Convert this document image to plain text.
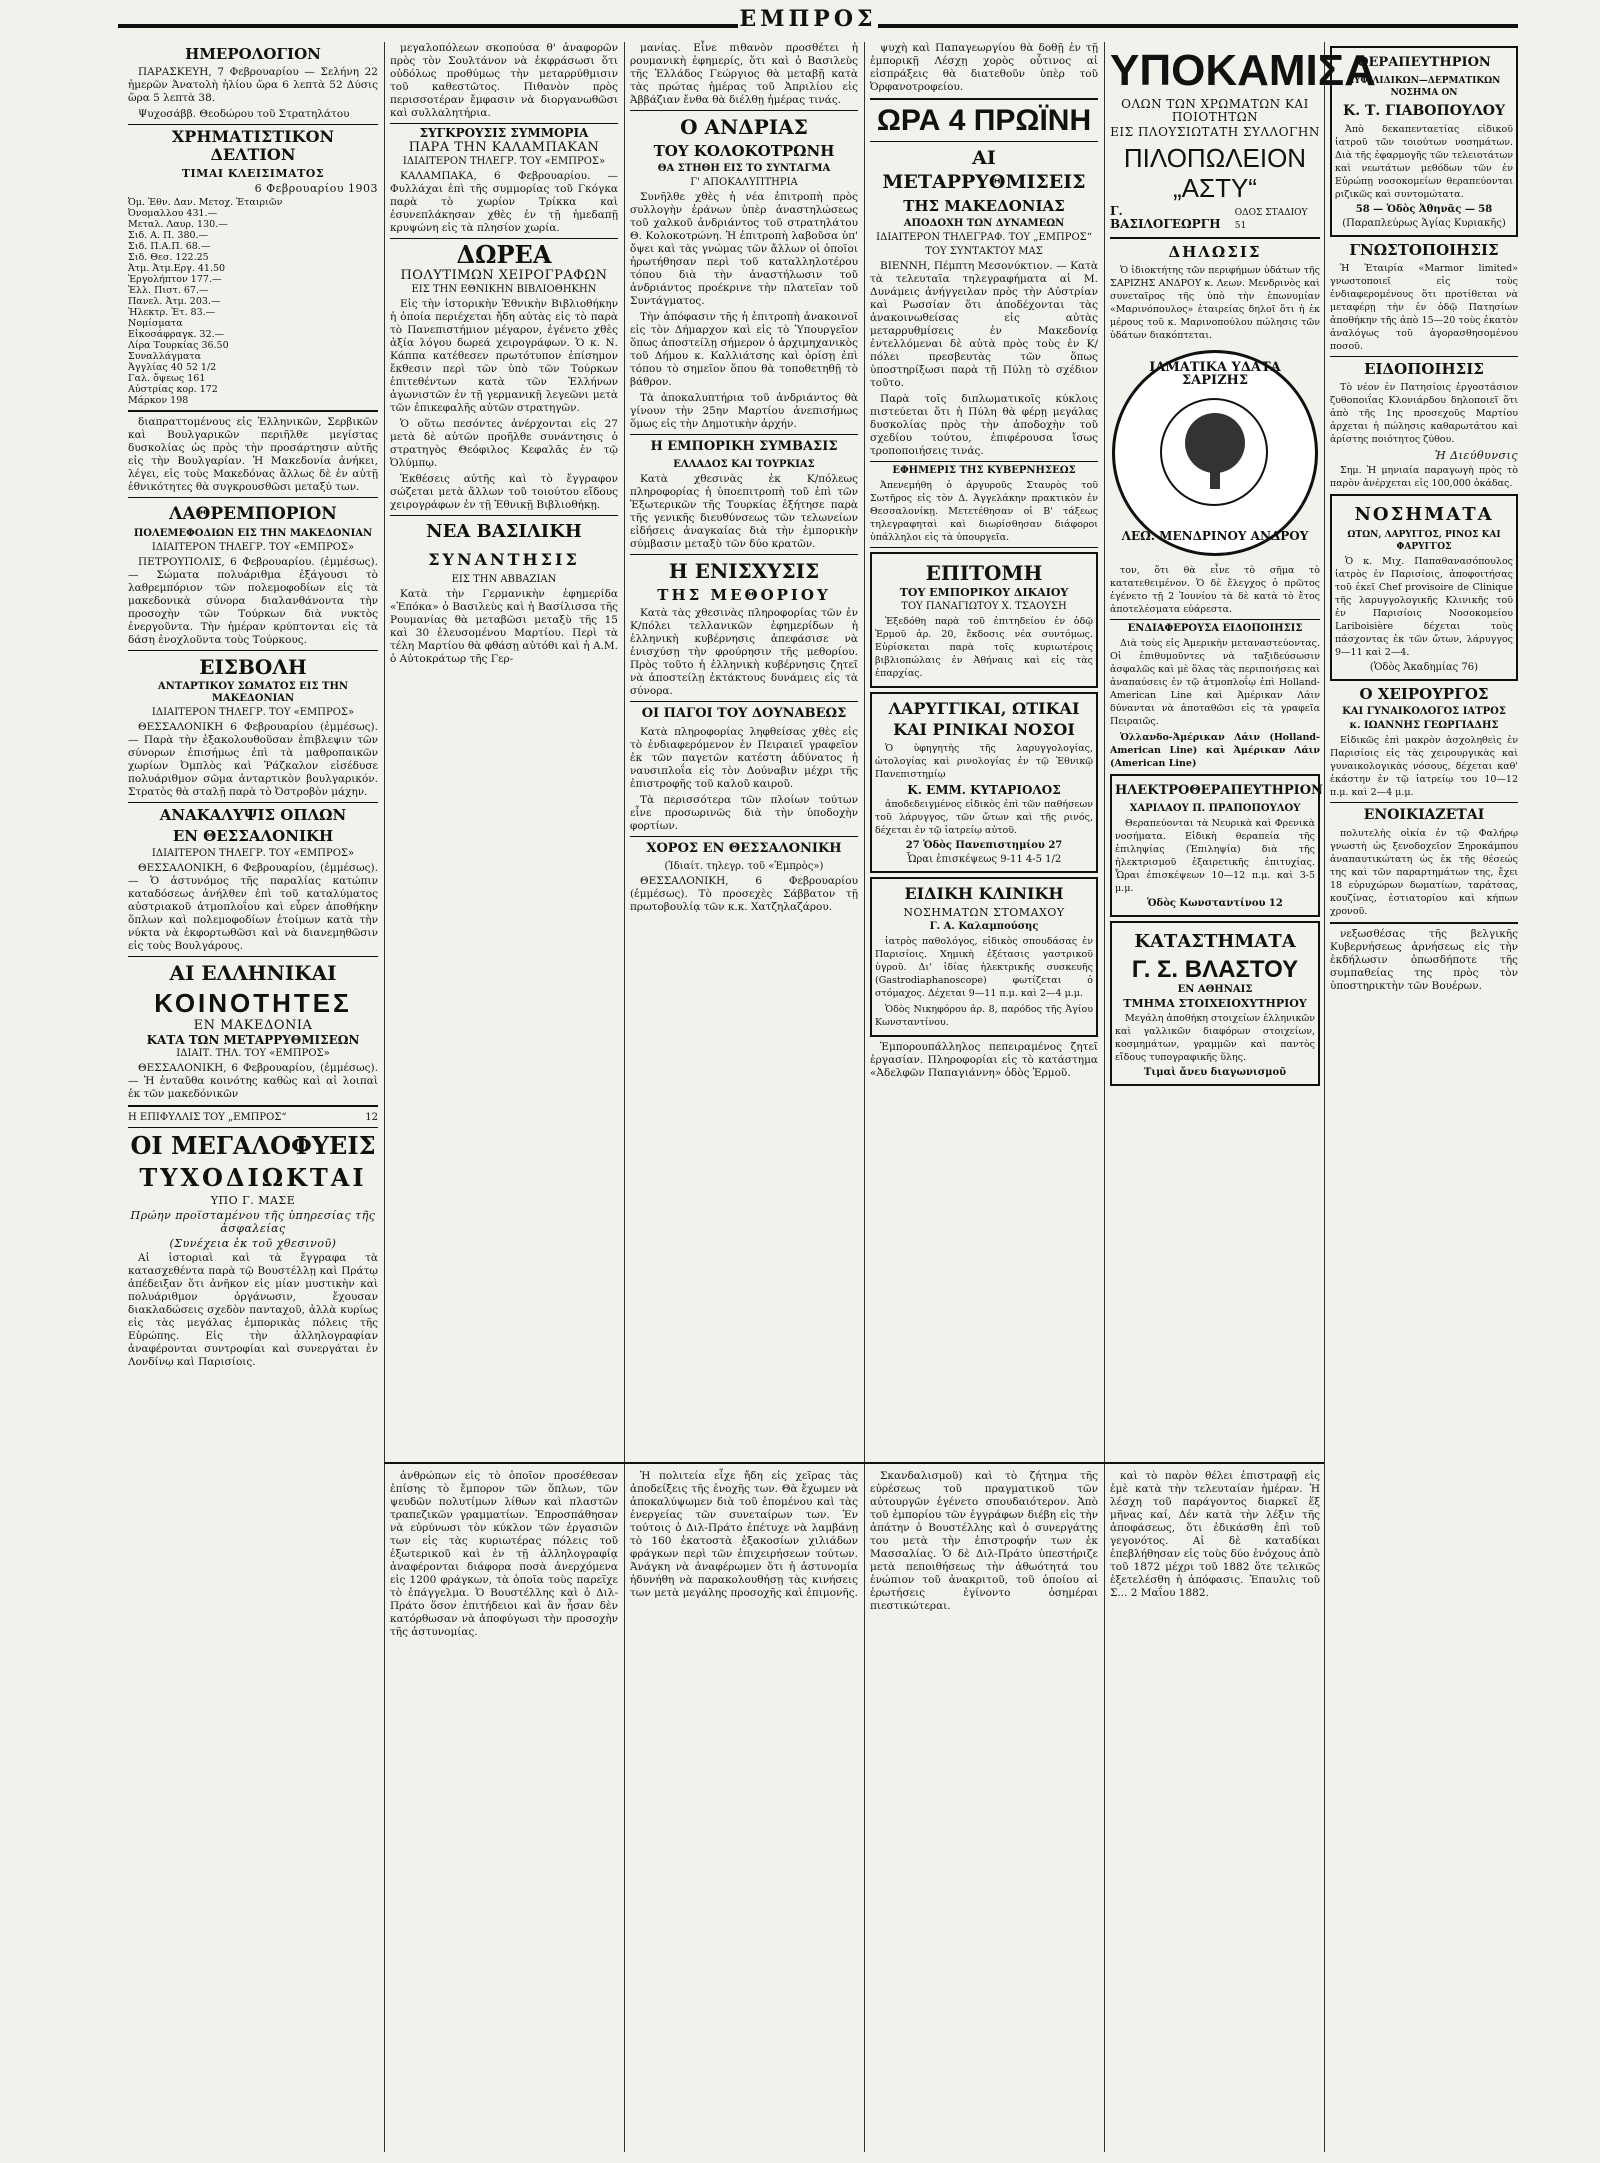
ΕΜΠΡΟΣ
ΗΜΕΡΟΛΟΓΙΟΝ

ΠΑΡΑΣΚΕΥΗ, 7 Φεβρουαρίου — Σελήνη 22 ἡμερῶν Ἀνατολὴ ἡλίου ὥρα 6 λεπτὰ 52 Δύσις ὥρα 5 λεπτὰ 38.

Ψυχοσάββ. Θεοδώρου τοῦ Στρατηλάτου

ΧΡΗΜΑΤΙΣΤΙΚΟΝ ΔΕΛΤΙΟΝ
ΤΙΜΑΙ ΚΛΕΙΣΙΜΑΤΟΣ
6 Φεβρουαρίου 1903
Ὀμ. Ἐθν. Δαν. Μετοχ. Ἑταιριῶν
Ὀνομαλλου 431.—
Μεταλ. Λαυρ. 130.—
Σιδ. Α. Π. 380.—
Σιδ. Π.Α.Π. 68.—
Σιδ. Θεσ. 122.25
Ἀτμ. Ἀτμ.Εργ. 41.50
Ἐργολήπτον 177.—
Ἑλλ. Πιστ. 67.—
Πανελ. Ἀτμ. 203.—
Ἠλεκτρ. Ἑτ. 83.—
Νομίσματα
Εἰκοσάφραγκ. 32.—
Λίρα Τουρκίας 36.50
Συναλλάγματα
Ἀγγλίας 40 52 1/2
Γαλ. ὄψεως 161
Αὐστρίας κορ. 172
Μάρκον 198

διαπραττομένους εἰς Ἑλληνικῶν, Σερβικῶν καὶ Βουλγαρικῶν περιῆλθε μεγίστας δυσκολίας ὡς πρὸς τὴν προσάρτησιν αὐτῆς εἰς τὴν Βουλγαρίαν. Ἡ Μακεδονία ἀνήκει, λέγει, εἰς τοὺς Μακεδόνας ἄλλως δὲ ἐν αὐτῇ ἐθνικότητες θὰ συγκρουσθῶσι μεταξύ των.

ΛΑΘΡΕΜΠΟΡΙΟΝ
ΠΟΛΕΜΕΦΟΔΙΩΝ ΕΙΣ ΤΗΝ ΜΑΚΕΔΟΝΙΑΝ
ΙΔΙΑΙΤΕΡΟΝ ΤΗΛΕΓΡ. ΤΟΥ «ΕΜΠΡΟΣ»

ΠΕΤΡΟΥΠΟΛΙΣ, 6 Φεβρουαρίου. (ἐμμέσως). — Σώματα πολυάριθμα ἐξάγουσι τὸ λαθρεμπόριον τῶν πολεμοφοδίων εἰς τὰ μακεδονικὰ σύνορα διαλανθάνοντα τὴν προσοχὴν τῶν Τούρκων διὰ νυκτὸς ἐνεργοῦντα. Τὴν ἡμέραν κρύπτονται εἰς τὰ δάση ἐνοχλοῦντα τοὺς Τούρκους.

ΕΙΣΒΟΛΗ
ΑΝΤΑΡΤΙΚΟΥ ΣΩΜΑΤΟΣ ΕΙΣ ΤΗΝ ΜΑΚΕΔΟΝΙΑΝ
ΙΔΙΑΙΤΕΡΟΝ ΤΗΛΕΓΡ. ΤΟΥ «ΕΜΠΡΟΣ»

ΘΕΣΣΑΛΟΝΙΚΗ 6 Φεβρουαρίου (ἐμμέσως). — Παρὰ τὴν ἐξακολουθοῦσαν ἐπιβλεψιν τῶν σύνορων ἐπισήμως ἐπὶ τὰ μαθροπαικῶν χωρίων Ὀμπλὸς καὶ Ῥάζκαλον εἰσέδυσε πολυάριθμον σῶμα ἀνταρτικὸν βουλγαρικόν. Στρατὸς θὰ σταλῇ παρὰ τὸ Ὀστροβὸν μάχην.

ΑΝΑΚΑΛΥΨΙΣ ΟΠΛΩΝ
ΕΝ ΘΕΣΣΑΛΟΝΙΚΗ
ΙΔΙΑΙΤΕΡΟΝ ΤΗΛΕΓΡ. ΤΟΥ «ΕΜΠΡΟΣ»

ΘΕΣΣΑΛΟΝΙΚΗ, 6 Φεβρουαρίου, (ἐμμέσως). — Ὁ ἀστυνόμος τῆς παραλίας κατώπιν καταδόσεως ἀνήλθεν ἐπὶ τοῦ καταλύματος αὐστριακοῦ ἀτμοπλοΐου καὶ εὗρεν ἀποθήκην ὅπλων καὶ πολεμοφοδίων ἑτοίμων κατὰ τὴν νύκτα νὰ ἐκφορτωθῶσι καὶ νὰ διανεμηθῶσιν εἰς τοὺς Βουλγάρους.

ΑΙ ΕΛΛΗΝΙΚΑΙ
ΚΟΙΝΟΤΗΤΕΣ
ΕΝ ΜΑΚΕΔΟΝΙΑ
ΚΑΤΑ ΤΩΝ ΜΕΤΑΡΡΥΘΜΙΣΕΩΝ
ΙΔΙΑΙΤ. ΤΗΛ. ΤΟΥ «ΕΜΠΡΟΣ»

ΘΕΣΣΑΛΟΝΙΚΗ, 6 Φεβρουαρίου, (ἐμμέσως). — Ἡ ἐνταῦθα κοινότης καθὼς καὶ αἱ λοιπαὶ ἐκ τῶν μακεδόνικῶν

Η ΕΠΙΦΥΛΛΙΣ ΤΟΥ „ΕΜΠΡΟΣ“	12
ΟΙ ΜΕΓΑΛΟΦΥΕΙΣ
ΤΥΧΟΔΙΩΚΤΑΙ
ΥΠΟ Γ. ΜΑΣΕ
Πρώην προϊσταμένου τῆς ὑπηρεσίας τῆς ἀσφαλείας
(Συνέχεια ἐκ τοῦ χθεσινοῦ)

Αἱ ἱστοριαὶ καὶ τὰ ἔγγραφα τὰ κατασχεθέντα παρὰ τῷ Βουστέλλῃ καὶ Πράτῳ ἀπέδειξαν ὅτι ἀνῆκον εἰς μίαν μυστικὴν καὶ πολυάριθμον ὀργάνωσιν, ἔχουσαν διακλαδώσεις σχεδὸν πανταχοῦ, ἀλλὰ κυρίως εἰς τὰς μεγάλας ἐμπορικὰς πόλεις τῆς Εὐρώπης. Εἰς τὴν ἀλληλογραφίαν ἀναφέρονται συντροφίαι καὶ συνεργάται ἐν Λονδίνῳ καὶ Παρισίοις.

μεγαλοπόλεων σκοπούσα θ' ἀναφορῶν πρὸς τὸν Σουλτάνον νὰ ἐκφράσωσι ὅτι οὐδόλως προθύμως τὴν μεταρρύθμισιν τοῦ καθεστῶτος. Πιθανὸν πρὸς περισσοτέραν ἔμφασιν νὰ διοργανωθῶσι καὶ συλλαλητήρια.

ΣΥΓΚΡΟΥΣΙΣ ΣΥΜΜΟΡΙΑ
ΠΑΡΑ ΤΗΝ ΚΑΛΑΜΠΑΚΑΝ
ΙΔΙΑΙΤΕΡΟΝ ΤΗΛΕΓΡ. ΤΟΥ «ΕΜΠΡΟΣ»

ΚΑΛΑΜΠΑΚΑ, 6 Φεβρουαρίου. — Φυλλάχαι ἐπὶ τῆς συμμορίας τοῦ Γκόγκα παρὰ τὸ χωρίον Τρίκκα καὶ ἐσυνεπλάκησαν χθὲς ἐν τῇ ἡμεδαπῇ κρυψώνη εἰς τὰ πλησίον χωρία.

ΔΩΡΕΑ
ΠΟΛΥΤΙΜΩΝ ΧΕΙΡΟΓΡΑΦΩΝ
ΕΙΣ ΤΗΝ ΕΘΝΙΚΗΝ ΒΙΒΛΙΟΘΗΚΗΝ

Εἰς τὴν ἱστορικὴν Ἐθνικὴν Βιβλιοθήκην ἡ ὁποία περιέχεται ἤδη αὐτὰς εἰς τὸ παρὰ τὸ Πανεπιστήμιον μέγαρον, ἐγένετο χθὲς ἀξία λόγου δωρεά χειρογράφων. Ὁ κ. Ν. Κάππα κατέθεσεν πρωτότυπον ἐπίσημον ἔκθεσιν περὶ τῶν ὑπὸ τῶν Τούρκων ἐπιτεθέντων κατὰ τῶν Ἑλλήνων ἀγωνιστῶν ἐν τῇ γερμανικῇ λεγεῶνι μετὰ τῶν ἐπικεφαλῆς αὐτῶν στρατηγῶν.

Ὁ οὕτω πεσόντες ἀνέρχονται εἰς 27 μετὰ δὲ αὐτῶν προῆλθε συνάντησις ὁ στρατηγὸς Θεόφιλος Κεφαλᾶς ἐν τῷ Ὀλύμπῳ.

Ἐκθέσεις αὐτῆς καὶ τὸ ἔγγραφον σώζεται μετὰ ἄλλων τοῦ τοιούτου εἴδους χειρογράφων ἐν τῇ Ἐθνικῇ Βιβλιοθήκῃ.

ΝΕΑ ΒΑΣΙΛΙΚΗ
ΣΥΝΑΝΤΗΣΙΣ
ΕΙΣ ΤΗΝ ΑΒΒΑΖΙΑΝ

Κατὰ τὴν Γερμανικὴν ἐφημερίδα «Ἐπόκα» ὁ Βασιλεὺς καὶ ἡ Βασίλισσα τῆς Ρουμανίας θὰ μεταβῶσι μεταξὺ τῆς 15 καὶ 30 ἐλευσομένου Μαρτίου. Περὶ τὰ τέλη Μαρτίου θὰ φθάσῃ αὐτόθι καὶ ἡ Α.Μ. ὁ Αὐτοκράτωρ τῆς Γερ-

μανίας. Εἶνε πιθανὸν προσθέτει ἡ ρουμανικὴ ἐφημερίς, ὅτι καὶ ὁ Βασιλεὺς τῆς Ἑλλάδος Γεώργιος θὰ μεταβῇ κατὰ τὰς πρώτας ἡμέρας τοῦ Ἀπριλίου εἰς Ἀββάζιαν ἔνθα θὰ διέλθῃ ἡμέρας τινάς.

Ο ΑΝΔΡΙΑΣ
ΤΟΥ ΚΟΛΟΚΟΤΡΩΝΗ
ΘΑ ΣΤΗΘΗ ΕΙΣ ΤΟ ΣΥΝΤΑΓΜΑ
Γ' ΑΠΟΚΑΛΥΠΤΗΡΙΑ

Συνῆλθε χθὲς ἡ νέα ἐπιτροπὴ πρὸς συλλογὴν ἐράνων ὑπὲρ ἀναστηλώσεως τοῦ χαλκοῦ ἀνδριάντος τοῦ στρατηλάτου Θ. Κολοκοτρώνη. Ἡ ἐπιτροπὴ λαβοῦσα ὑπ' ὄψει καὶ τὰς γνώμας τῶν ἄλλων οἱ ὁποῖοι ἠρωτήθησαν περὶ τοῦ καταλληλοτέρου τόπου διὰ τὴν ἀναστήλωσιν τοῦ ἀνδριάντος προέκρινε τὴν πλατεῖαν τοῦ Συντάγματος.

Τὴν ἀπόφασιν τῆς ἡ ἐπιτροπὴ ἀνακοινοῖ εἰς τὸν Δήμαρχον καὶ εἰς τὸ Ὑπουργεῖον ὅπως ἀποστείλῃ σήμερον ὁ ἀρχιμηχανικὸς τοῦ Δήμου κ. Καλλιάτσης καὶ ὁρίσῃ ἐπὶ τόπου τὸ σημεῖον ὅπου θὰ τοποθετηθῇ τὸ βάθρον.

Τὰ ἀποκαλυπτήρια τοῦ ἀνδριάντος θὰ γίνουν τὴν 25ην Μαρτίου ἀνεπισήμως ὅμως εἰς τὴν Δημοτικὴν ἀρχήν.

Η ΕΜΠΟΡΙΚΗ ΣΥΜΒΑΣΙΣ
ΕΛΛΑΔΟΣ ΚΑΙ ΤΟΥΡΚΙΑΣ

Κατὰ χθεσινὰς ἐκ Κ/πόλεως πληροφορίας ἡ ὑποεπιτροπὴ τοῦ ἐπὶ τῶν Ἐξωτερικῶν τῆς Τουρκίας ἐξήτησε παρὰ τῆς γενικῆς διευθύνσεως τῶν τελωνείων εἰδήσεις ἀναγκαίας διὰ τὴν ἐμπορικὴν σύμβασιν μεταξὺ τῶν δύο κρατῶν.

Η ΕΝΙΣΧΥΣΙΣ
ΤΗΣ ΜΕΘΟΡΙΟΥ

Κατὰ τὰς χθεσινὰς πληροφορίας τῶν ἐν Κ/πόλει τελλανικῶν ἐφημερίδων ἡ ἑλληνικὴ κυβέρνησις ἀπεφάσισε νὰ ἐνισχύσῃ τὴν φρούρησιν τῆς μεθορίου. Πρὸς τοῦτο ἡ ἑλληνικὴ κυβέρνησις ζητεῖ νὰ ἀποστείλῃ ἐκτάκτους δυνάμεις εἰς τὰ σύνορα.

ΟΙ ΠΑΓΟΙ ΤΟΥ ΔΟΥΝΑΒΕΩΣ

Κατὰ πληροφορίας ληφθείσας χθὲς εἰς τὸ ἐνδιαφερόμενον ἐν Πειραιεῖ γραφεῖον ἐκ τῶν παγετῶν κατέστη ἀδύνατος ἡ ναυσιπλοΐα εἰς τὸν Δούναβιν μέχρι τῆς ἐπιστροφῆς τοῦ καλοῦ καιροῦ.

Τὰ περισσότερα τῶν πλοίων τούτων εἶνε προσωρινῶς διὰ τὴν ὑποδοχὴν φορτίων.

ΧΟΡΟΣ ΕΝ ΘΕΣΣΑΛΟΝΙΚΗ
(Ἰδιαίτ. τηλεγρ. τοῦ «Ἐμπρὸς»)

ΘΕΣΣΑΛΟΝΙΚΗ, 6 Φεβρουαρίου (ἐμμέσως). Τὸ προσεχὲς Σάββατον τῇ πρωτοβουλίᾳ τῶν κ.κ. Χατζηλαζάρου.

ψυχὴ καὶ Παπαγεωργίου θὰ δοθῇ ἐν τῇ ἐμπορικῇ Λέσχῃ χορὸς οὗτινος αἱ εἰσπράξεις θὰ διατεθοῦν ὑπὲρ τοῦ Ὀρφανοτροφείου.

ΩΡΑ 4 ΠΡΩΪΝΗ
ΑΙ ΜΕΤΑΡΡΥΘΜΙΣΕΙΣ
ΤΗΣ ΜΑΚΕΔΟΝΙΑΣ
ΑΠΟΔΟΧΗ ΤΩΝ ΔΥΝΑΜΕΩΝ
ΙΔΙΑΙΤΕΡΟΝ ΤΗΛΕΓΡΑΦ. ΤΟΥ „ΕΜΠΡΟΣ“
ΤΟΥ ΣΥΝΤΑΚΤΟΥ ΜΑΣ

ΒΙΕΝΝΗ, Πέμπτη Μεσονύκτιον. — Κατὰ τὰ τελευταῖα τηλεγραφήματα αἱ Μ. Δυνάμεις ἀνήγγειλαν πρὸς τὴν Αὐστρίαν καὶ Ρωσσίαν ὅτι ἀποδέχονται τὰς ἀνακοινωθείσας εἰς αὐτὰς μεταρρυθμίσεις ἐν Μακεδονίᾳ ἐντελλόμεναι δὲ αὐτὰ πρὸς τοὺς ἐν Κ/πόλει πρεσβευτὰς τῶν ὅπως ὑποστηρίξωσι παρὰ τῇ Πύλῃ τὸ σχέδιον τοῦτο.

Παρὰ τοῖς διπλωματικοῖς κύκλοις πιστεύεται ὅτι ἡ Πύλη θὰ φέρῃ μεγάλας δυσκολίας πρὸς τὴν ἀποδοχὴν τοῦ σχεδίου τούτου, ἐπιφέρουσα ἴσως τροποποιήσεις τινάς.

ΕΦΗΜΕΡΙΣ ΤΗΣ ΚΥΒΕΡΝΗΣΕΩΣ

Ἀπενεμήθη ὁ ἀργυροῦς Σταυρὸς τοῦ Σωτῆρος εἰς τὸν Δ. Ἀγγελάκην πρακτικὸν ἐν Θεσσαλονίκῃ. Μετετέθησαν οἱ Β' τάξεως τηλεγραφηταὶ καὶ διωρίσθησαν διάφοροι ὑπάλληλοι εἰς τὰ ὑπουργεῖα.

ΕΠΙΤΟΜΗ
ΤΟΥ ΕΜΠΟΡΙΚΟΥ ΔΙΚΑΙΟΥ
ΤΟΥ ΠΑΝΑΓΙΩΤΟΥ Χ. ΤΣΑΟΥΣΗ

Ἐξεδόθη παρὰ τοῦ ἐπιτηδείου ἐν ὁδῷ Ἑρμοῦ ἀρ. 20, ἔκδοσις νέα συντόμως. Εὑρίσκεται παρὰ τοῖς κυριωτέροις βιβλιοπώλαις ἐν Ἀθήναις καὶ εἰς τὰς ἐπαρχίας.

ΛΑΡΥΓΓΙΚΑΙ, ΩΤΙΚΑΙ
ΚΑΙ ΡΙΝΙΚΑΙ ΝΟΣΟΙ

Ὁ ὑφηγητὴς τῆς λαρυγγολογίας, ὠτολογίας καὶ ρινολογίας ἐν τῷ Ἐθνικῷ Πανεπιστημίῳ

Κ. ΕΜΜ. ΚΥΤΑΡΙΟΛΟΣ

ἀποδεδειγμένος εἰδικὸς ἐπὶ τῶν παθήσεων τοῦ λάρυγγος, τῶν ὤτων καὶ τῆς ρινός, δέχεται ἐν τῷ ἰατρείῳ αὐτοῦ.

27 Ὁδὸς Πανεπιστημίου 27
Ὧραι ἐπισκέψεως 9-11 4-5 1/2
ΕΙΔΙΚΗ ΚΛΙΝΙΚΗ
ΝΟΣΗΜΑΤΩΝ ΣΤΟΜΑΧΟΥ
Γ. Α. Καλαμπούσης

ἰατρὸς παθολόγος, εἰδικὸς σπουδάσας ἐν Παρισίοις. Χημικὴ ἐξέτασις γαστρικοῦ ὑγροῦ. Δι' ἰδίας ἠλεκτρικῆς συσκευῆς (Gastrodiaphanoscope) φωτίζεται ὁ στόμαχος. Δέχεται 9—11 π.μ. καὶ 2—4 μ.μ.

Ὁδὸς Νικηφόρου ἀρ. 8, παρόδος τῆς Ἀγίου Κωνσταντίνου.

Ἐμπορουπάλληλος πεπειραμένος ζητεῖ ἐργασίαν. Πληροφορίαι εἰς τὸ κατάστημα «Ἀδελφῶν Παπαγιάννη» ὁδὸς Ἑρμοῦ.

ΥΠΟΚΑΜΙΣΑ
ΟΛΩΝ ΤΩΝ ΧΡΩΜΑΤΩΝ ΚΑΙ ΠΟΙΟΤΗΤΩΝ
ΕΙΣ ΠΛΟΥΣΙΩΤΑΤΗ ΣΥΛΛΟΓΗΝ
ΠΙΛΟΠΩΛΕΙΟΝ „ΑΣΤΥ“
Γ. ΒΑΣΙΛΟΓΕΩΡΓΗ
ΟΔΟΣ ΣΤΑΔΙΟΥ 51
ΔΗΛΩΣΙΣ

Ὁ ἰδιοκτήτης τῶν περιφήμων ὑδάτων τῆς ΣΑΡΙΖΗΣ ΑΝΔΡΟΥ κ. Λεων. Μενδρινὸς καὶ συνεταῖρος τῆς ὑπὸ τὴν ἐπωνυμίαν «Μαρινόπουλος» ἑταιρείας δηλοῖ ὅτι ἡ ἐκ μέρους τοῦ κ. Μαρινοπούλου πώλησις τῶν ὑδάτων διακόπτεται.

ΙΑΜΑΤΙΚΑ ΥΔΑΤΑ ΣΑΡΙΖΗΣ
ΛΕΩ. ΜΕΝΔΡΙΝΟΥ ΑΝΔΡΟΥ

τον, ὅτι θὰ εἶνε τὸ σῆμα τὸ κατατεθειμένον. Ὁ δὲ ἔλεγχος ὁ πρῶτος ἐγένετο τῇ 2 Ἰουνίου τὰ δὲ κατὰ τὸ ἔτος ἀποτελέσματα εὐάρεστα.

ΕΝΔΙΑΦΕΡΟΥΣΑ ΕΙΔΟΠΟΙΗΣΙΣ

Διὰ τοὺς εἰς Ἀμερικὴν μεταναστεύοντας. Οἱ ἐπιθυμοῦντες νὰ ταξιδεύσωσιν ἀσφαλῶς καὶ μὲ ὅλας τὰς περιποιήσεις καὶ ἀναπαύσεις ἐν τῷ ἀτμοπλοΐῳ ἐπὶ Holland-American Line καὶ Ἀμέρικαν Λάιν δύνανται νὰ ἀποταθῶσι εἰς τὰ γραφεῖα Πειραιῶς.

Ὁλλανδο-Ἀμέρικαν Λάιν (Holland-American Line) καὶ Ἀμέρικαν Λάιν (American Line)

ΗΛΕΚΤΡΟΘΕΡΑΠΕΥΤΗΡΙΟΝ
ΧΑΡΙΛΑΟΥ Π. ΠΡΑΠΟΠΟΥΛΟΥ

Θεραπεύονται τὰ Νευρικὰ καὶ Φρενικὰ νοσήματα. Εἰδικὴ θεραπεία τῆς ἐπιληψίας (Ἐπιληψία) διὰ τῆς ἠλεκτρισμοῦ ἐξαιρετικῆς ἐπιτυχίας. Ὧραι ἐπισκέψεων 10—12 π.μ. καὶ 3-5 μ.μ.

Ὁδὸς Κωνσταντίνου 12
ΚΑΤΑΣΤΗΜΑΤΑ
Γ. Σ. ΒΛΑΣΤΟΥ
ΕΝ ΑΘΗΝΑΙΣ
ΤΜΗΜΑ ΣΤΟΙΧΕΙΟΧΥΤΗΡΙΟΥ

Μεγάλη ἀποθήκη στοιχείων ἑλληνικῶν καὶ γαλλικῶν διαφόρων στοιχείων, κοσμημάτων, γραμμῶν καὶ παντὸς εἴδους τυπογραφικῆς ὕλης.

Τιμαὶ ἄνευ διαγωνισμοῦ
ΘΕΡΑΠΕΥΤΗΡΙΟΝ
ΣΥΦΙΛΙΔΙΚΩΝ—ΔΕΡΜΑΤΙΚΩΝ ΝΟΣΗΜΑ ΟΝ
Κ. Τ. ΓΙΑΒΟΠΟΥΛΟΥ

Ἀπὸ δεκαπενταετίας εἰδικοῦ ἰατροῦ τῶν τοιούτων νοσημάτων. Διὰ τῆς ἐφαρμογῆς τῶν τελειοτάτων καὶ νεωτάτων μεθόδων τῶν ἐν Εὐρώπῃ νοσοκομείων θεραπεύονται ριζικῶς καὶ συντομώτατα.

58 — Ὁδὸς Ἀθηνᾶς — 58
(Παραπλεύρως Ἁγίας Κυριακῆς)
ΓΝΩΣΤΟΠΟΙΗΣΙΣ

Ἡ Ἑταιρία «Marmor limited» γνωστοποιεῖ εἰς τοὺς ἐνδιαφερομένους ὅτι προτίθεται νὰ μεταφέρῃ τὴν ἐν ὁδῷ Πατησίων ἀποθήκην τῆς ἀπὸ 15—20 τοὺς ἑκατὸν ἀναλόγως τοῦ ἀγορασθησομένου ποσοῦ.

ΕΙΔΟΠΟΙΗΣΙΣ

Τὸ νέον ἐν Πατησίοις ἐργοστάσιον ζυθοποιΐας Κλονιάρδου δηλοποιεῖ ὅτι ἀπὸ τῆς 1ης προσεχοῦς Μαρτίου ἀρχεται ἡ πώλησις καθαρωτάτου καὶ ἀρίστης ποιότητος ζύθου.

Ἡ Διεύθυνσις

Σημ. Ἡ μηνιαία παραγωγὴ πρὸς τὸ παρὸν ἀνέρχεται εἰς 100,000 ὀκάδας.

ΝΟΣΗΜΑΤΑ
ΩΤΩΝ, ΛΑΡΥΓΓΟΣ, ΡΙΝΟΣ ΚΑΙ ΦΑΡΥΓΓΟΣ

Ὁ κ. Μιχ. Παπαθανασόπουλος ἰατρὸς ἐν Παρισίοις, ἀποφοιτήσας τοῦ ἐκεῖ Chef provisoire de Clinique τῆς λαρυγγολογικῆς Κλινικῆς τοῦ ἐν Παρισίοις Νοσοκομείου Lariboisière δέχεται τοὺς πάσχοντας ἐκ τῶν ὤτων, λάρυγγος 9—11 καὶ 2—4.

(Ὁδὸς Ἀκαδημίας 76)
Ο ΧΕΙΡΟΥΡΓΟΣ
ΚΑΙ ΓΥΝΑΙΚΟΛΟΓΟΣ ΙΑΤΡΟΣ
κ. ΙΩΑΝΝΗΣ ΓΕΩΡΓΙΑΔΗΣ

Εἰδικῶς ἐπὶ μακρὸν ἀσχοληθεὶς ἐν Παρισίοις εἰς τὰς χειρουργικὰς καὶ γυναικολογικὰς νόσους, δέχεται καθ' ἑκάστην ἐν τῷ ἰατρείῳ του 10—12 π.μ. καὶ 2—4 μ.μ.

ΕΝΟΙΚΙΑΖΕΤΑΙ

πολυτελὴς οἰκία ἐν τῷ Φαλήρῳ γνωστὴ ὡς ξενοδοχεῖον Ξηροκάμπου ἀναπαυτικώτατη ὡς ἐκ τῆς θέσεώς της καὶ τῶν παραρτημάτων της, ἔχει 18 εὐρυχώρων δωματίων, ταράτσας, κουζίνας, ἐστιατορίου καὶ κήπων χρονοῦ.

νεξωσθέσας τῆς βελγικῆς Κυβερνήσεως ἀρνήσεως εἰς τὴν ἐκδήλωσιν ὁπωσδήποτε τῆς συμπαθείας της πρὸς τὸν ὑποστηρικτὴν τῶν Βουέρων.

ἀνθρώπων εἰς τὸ ὁποῖον προσέθεσαν ἐπίσης τὸ ἔμπορον τῶν ὅπλων, τῶν ψευδῶν πολυτίμων λίθων καὶ πλαστῶν τραπεζικῶν γραμματίων. Ἐπροσπάθησαν νὰ εὐρύνωσι τὸν κύκλον τῶν ἐργασιῶν των εἰς τὰς κυριωτέρας πόλεις τοῦ ἐξωτερικοῦ καὶ ἐν τῇ ἀλληλογραφίᾳ ἀναφέρονται διάφορα ποσὰ ἀνερχόμενα εἰς 1200 φράγκων, τὰ ὁποῖα τοὺς παρεῖχε τὸ ἐπάγγελμα. Ὁ Βουστέλλης καὶ ὁ Διλ-Πράτο ὅσον ἐπιτήδειοι καὶ ἂν ἦσαν δὲν κατόρθωσαν νὰ ἀποφύγωσι τὴν προσοχὴν τῆς ἀστυνομίας.

Ἡ πολιτεία εἶχε ἤδη εἰς χεῖρας τὰς ἀποδείξεις τῆς ἐνοχῆς των. Θὰ ἔχωμεν νὰ ἀποκαλύψωμεν διὰ τοῦ ἐπομένου καὶ τὰς ἐνεργείας τῶν συνεταίρων των. Ἐν τούτοις ὁ Διλ-Πράτο ἐπέτυχε νὰ λαμβάνῃ τὸ 160 ἑκατοστὰ ἑξακοσίων χιλιάδων φράγκων περὶ τῶν ἐπιχειρήσεων τούτων. Ἀνάγκη νὰ ἀναφέρωμεν ὅτι ἡ ἀστυνομία ἠδυνήθη νὰ παρακολουθήσῃ τὰς κινήσεις των μετὰ μεγάλης προσοχῆς καὶ ἐπιμονῆς.

Σκανδαλισμοῦ) καὶ τὸ ζήτημα τῆς εὐρέσεως τοῦ πραγματικοῦ τῶν αὐτουργῶν ἐγένετο σπουδαιότερον. Ἀπὸ τοῦ ἐμπορίου τῶν ἐγγράφων διέβη εἰς τὴν ἀπάτην ὁ Βουστέλλης καὶ ὁ συνεργάτης του μετὰ τὴν ἐπιστροφήν των ἐκ Μασσαλίας. Ὁ δὲ Διλ-Πράτο ὑπεστήριζε μετὰ πεποιθήσεως τὴν ἀθωότητά του ἐνώπιον τοῦ ἀνακριτοῦ, τοῦ ὁποίου αἱ ἐρωτήσεις ἐγίνοντο ὁσημέραι πιεστικώτεραι.

καὶ τὸ παρὸν θέλει ἐπιστραφῇ εἰς ἐμὲ κατὰ τὴν τελευταίαν ἡμέραν. Ἡ λέσχη τοῦ παράγοντος διαρκεῖ ἕξ μῆνας καί, Δέν κατὰ τὴν λέξιν τῆς ἀποφάσεως, ὅτι ἐδικάσθη ἐπὶ τοῦ γεγονότος. Αἱ δὲ καταδίκαι ἐπεβλήθησαν εἰς τοὺς δύο ἐνόχους ἀπὸ τοῦ 1872 μέχρι τοῦ 1882 ὅτε τελικῶς ἐξετελέσθη ἡ ἀπόφασις. Ἐπαυλις τοῦ Σ... 2 Μαΐου 1882.
